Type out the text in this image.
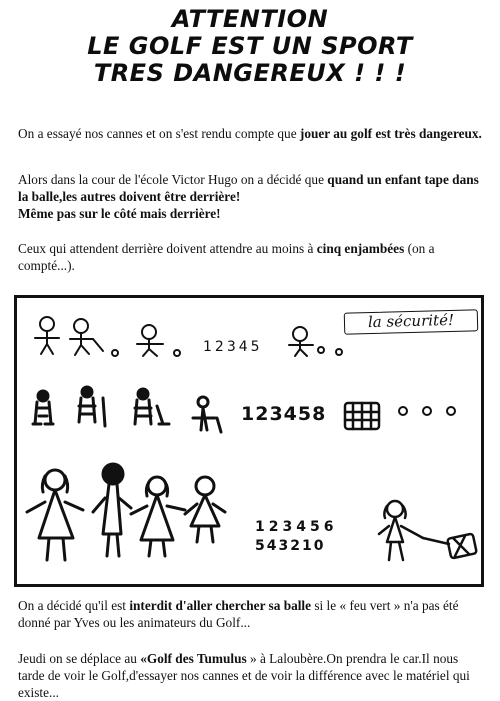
ATTENTION
LE GOLF EST UN SPORT
TRES DANGEREUX ! ! !

On a essayé nos cannes et on s'est rendu compte que jouer au golf est très dangereux.

Alors dans la cour de l'école Victor Hugo on a décidé que quand un enfant tape dans la balle,les autres doivent être derrière!
Même pas sur le côté mais derrière!

Ceux qui attendent derrière doivent attendre au moins à cinq enjambées (on a compté...).

la sécurité!
12345
123458
123456
543210

On a décidé qu'il est interdit d'aller chercher sa balle si le « feu vert » n'a pas été donné par Yves ou les animateurs du Golf...

Jeudi on se déplace au «Golf des Tumulus » à Laloubère.On prendra le car.Il nous tarde de voir le Golf,d'essayer nos cannes et de voir la différence avec le matériel qui existe...
